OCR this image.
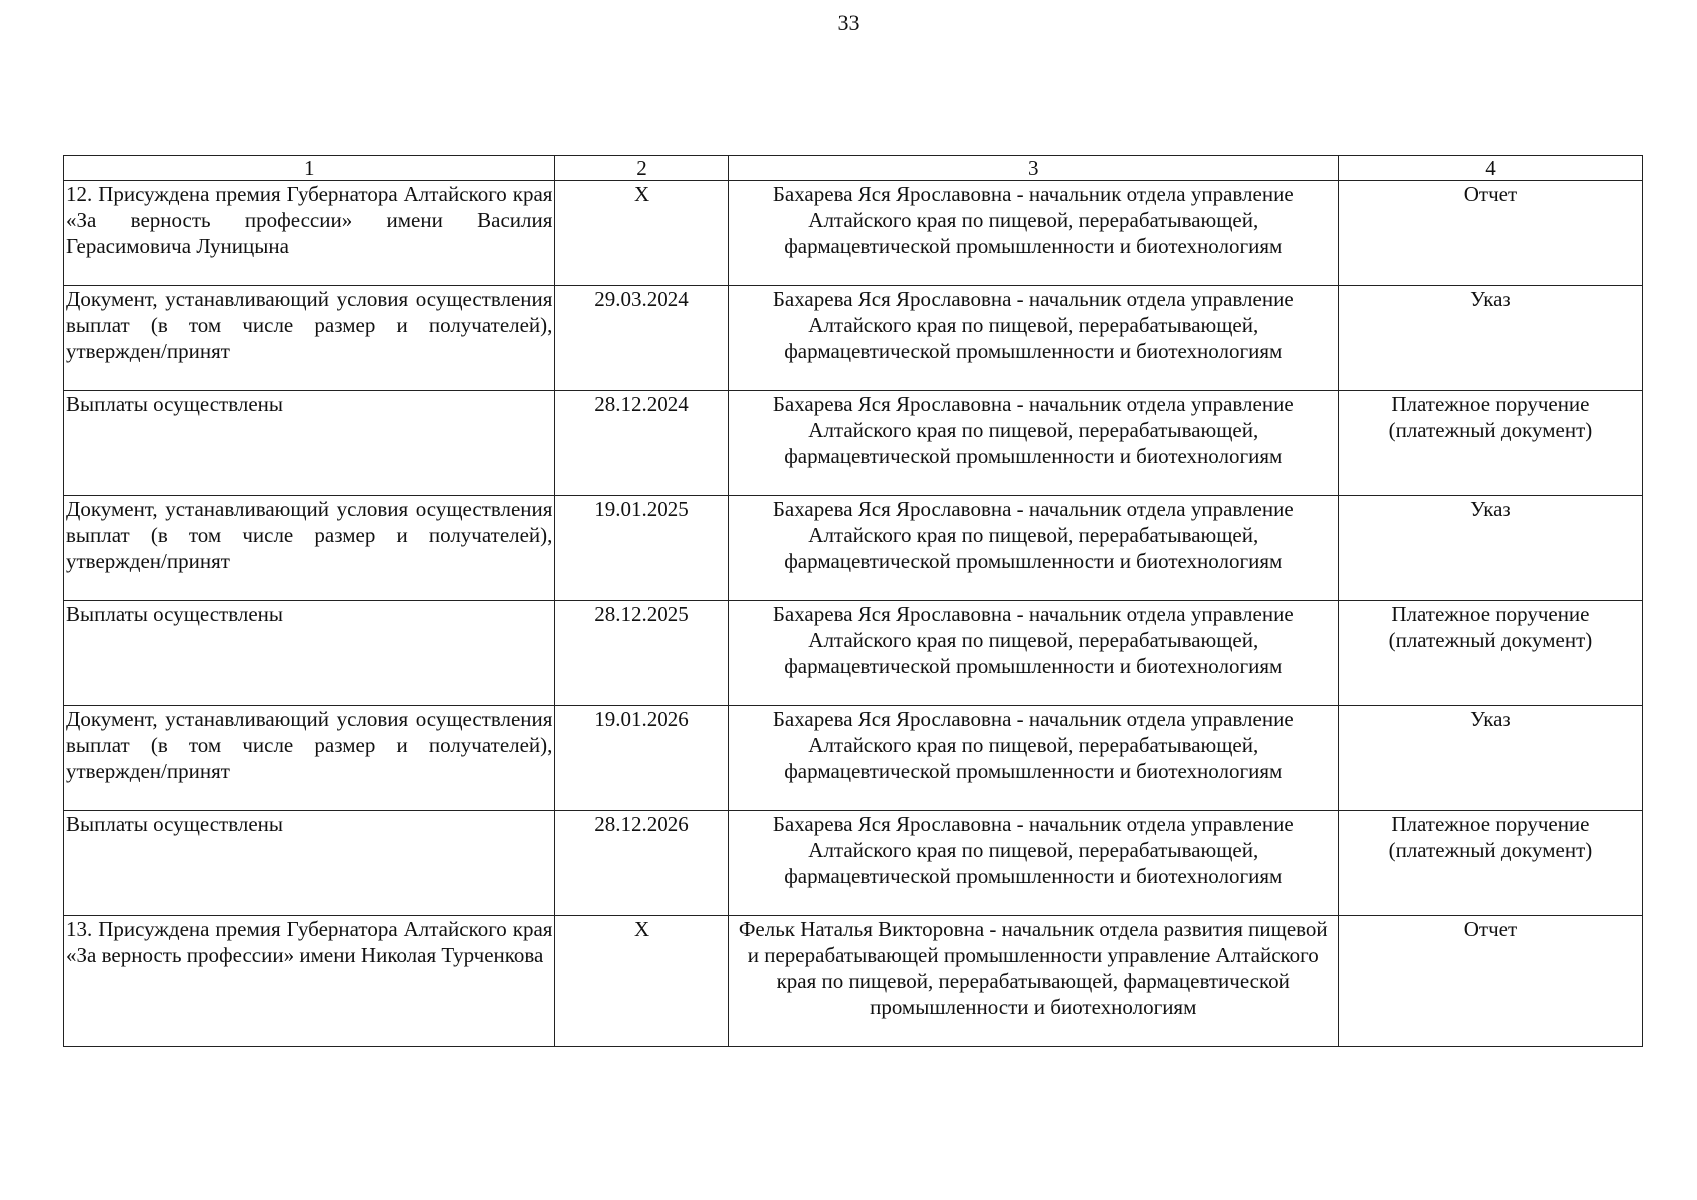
33
1	2	3	4
12. Присуждена премия Губернатора Алтайского края «За верность профессии» имени Василия Герасимовича Луницына	X	Бахарева Яся Ярославовна - начальник отдела управление Алтайского края по пищевой, перерабатывающей, фармацевтической промышленности и биотехнологиям	Отчет
Документ, устанавливающий условия осуществления выплат (в том числе размер и получателей), утвержден/принят	29.03.2024	Бахарева Яся Ярославовна - начальник отдела управление Алтайского края по пищевой, перерабатывающей, фармацевтической промышленности и биотехнологиям	Указ
Выплаты осуществлены	28.12.2024	Бахарева Яся Ярославовна - начальник отдела управление Алтайского края по пищевой, перерабатывающей, фармацевтической промышленности и биотехнологиям	Платежное поручение (платежный документ)
Документ, устанавливающий условия осуществления выплат (в том числе размер и получателей), утвержден/принят	19.01.2025	Бахарева Яся Ярославовна - начальник отдела управление Алтайского края по пищевой, перерабатывающей, фармацевтической промышленности и биотехнологиям	Указ
Выплаты осуществлены	28.12.2025	Бахарева Яся Ярославовна - начальник отдела управление Алтайского края по пищевой, перерабатывающей, фармацевтической промышленности и биотехнологиям	Платежное поручение (платежный документ)
Документ, устанавливающий условия осуществления выплат (в том числе размер и получателей), утвержден/принят	19.01.2026	Бахарева Яся Ярославовна - начальник отдела управление Алтайского края по пищевой, перерабатывающей, фармацевтической промышленности и биотехнологиям	Указ
Выплаты осуществлены	28.12.2026	Бахарева Яся Ярославовна - начальник отдела управление Алтайского края по пищевой, перерабатывающей, фармацевтической промышленности и биотехнологиям	Платежное поручение (платежный документ)
13. Присуждена премия Губернатора Алтайского края «За верность профессии» имени Николая Турченкова	X	Фельк Наталья Викторовна - начальник отдела развития пищевой и перерабатывающей промышленности управление Алтайского края по пищевой, перерабатывающей, фармацевтической промышленности и биотехнологиям	Отчет
